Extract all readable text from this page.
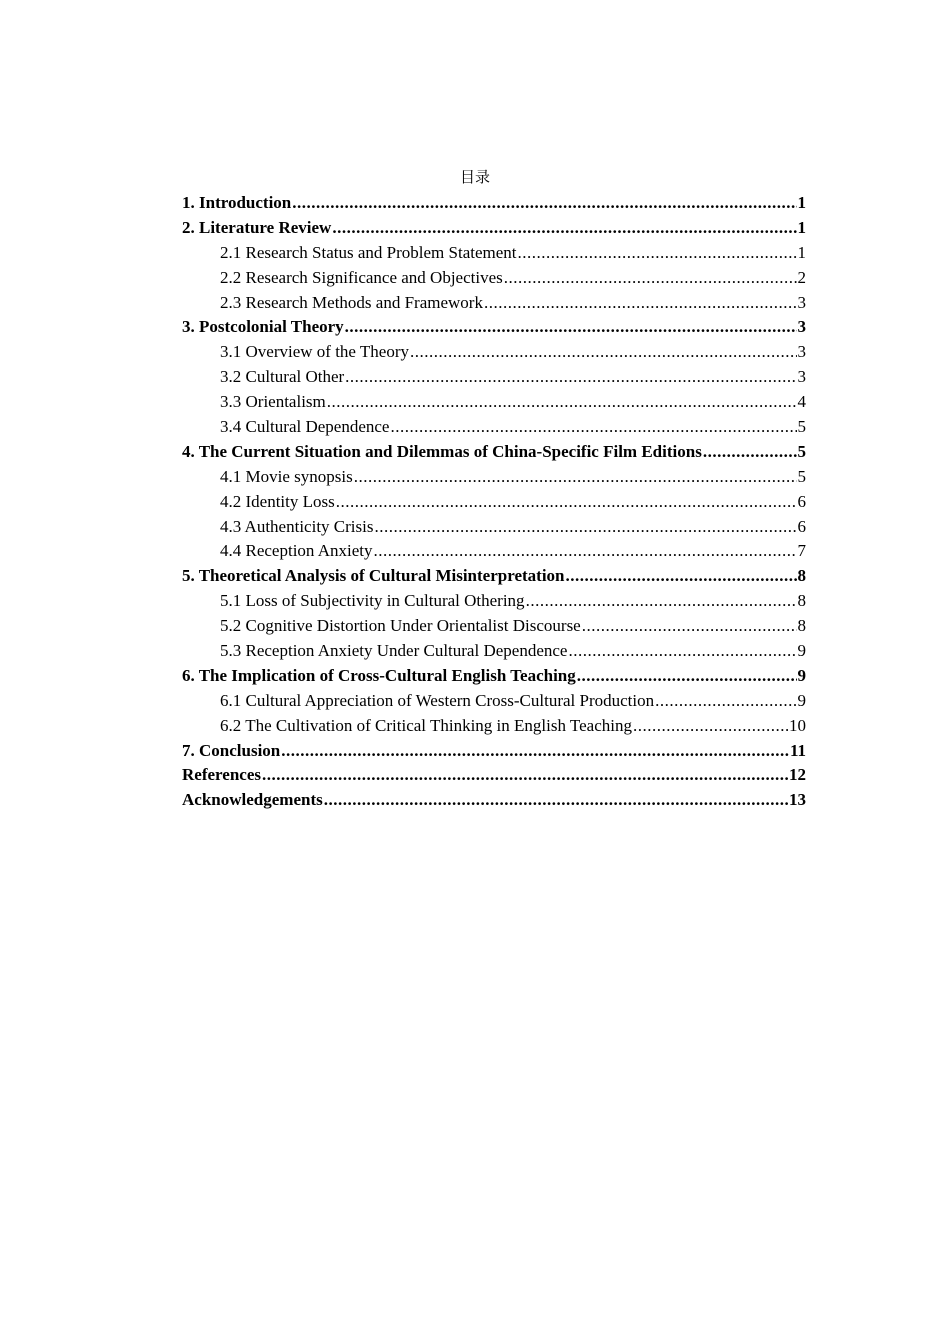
目录
1. Introduction .....	1
2. Literature Review .....	1
2.1 Research Status and Problem Statement .....	1
2.2 Research Significance and Objectives .....	2
2.3 Research Methods and Framework .....	3
3. Postcolonial Theory .....	3
3.1 Overview of the Theory .....	3
3.2 Cultural Other .....	3
3.3 Orientalism .....	4
3.4 Cultural Dependence .....	5
4. The Current Situation and Dilemmas of China-Specific Film Editions .....	5
4.1 Movie synopsis .....	5
4.2 Identity Loss .....	6
4.3 Authenticity Crisis .....	6
4.4 Reception Anxiety .....	7
5. Theoretical Analysis of Cultural Misinterpretation .....	8
5.1 Loss of Subjectivity in Cultural Othering .....	8
5.2 Cognitive Distortion Under Orientalist Discourse .....	8
5.3 Reception Anxiety Under Cultural Dependence .....	9
6. The Implication of Cross-Cultural English Teaching .....	9
6.1 Cultural Appreciation of Western Cross-Cultural Production .....	9
6.2 The Cultivation of Critical Thinking in English Teaching .....	10
7. Conclusion .....	11
References .....	12
Acknowledgements .....	13
